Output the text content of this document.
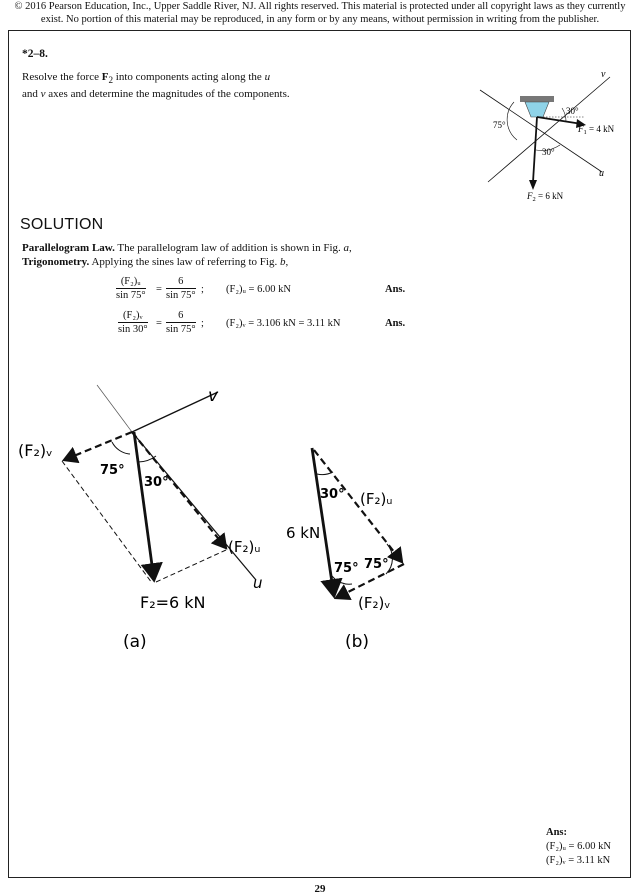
© 2016 Pearson Education, Inc., Upper Saddle River, NJ. All rights reserved. This material is protected under all copyright laws as they currently
exist. No portion of this material may be reproduced, in any form or by any means, without permission in writing from the publisher.
*2–8.
Resolve the force $F_2$ into components acting along the u
and v axes and determine the magnitudes of the components.
v
u
30°
75°
30°
$F_1 = 4$ kN
$F_2 = 6$ kN
SOLUTION
Parallelogram Law. The parallelogram law of addition is shown in Fig. a,
Trigonometry. Applying the sines law of referring to Fig. b,
$\frac{\text{(F₂)ᵤ}}{\sin 75^\circ} = \frac{6}{\sin 75^\circ}$ ; (F₂)ᵤ = 6.00 kN	Ans.
$\frac{\text{(F₂)ᵥ}}{\sin 30^\circ} = \frac{6}{\sin 75^\circ}$ ; (F₂)ᵥ = 3.106 kN = 3.11 kN	Ans.
v
u
(F₂)ᵥ
(F₂)ᵤ
75°
30°
F₂=6 kN
(a)
30° (F₂)ᵤ
6 kN
75° 75°
(F₂)ᵥ
(b)
Ans:
(F₂)ᵤ = 6.00 kN
(F₂)ᵥ = 3.11 kN
29
